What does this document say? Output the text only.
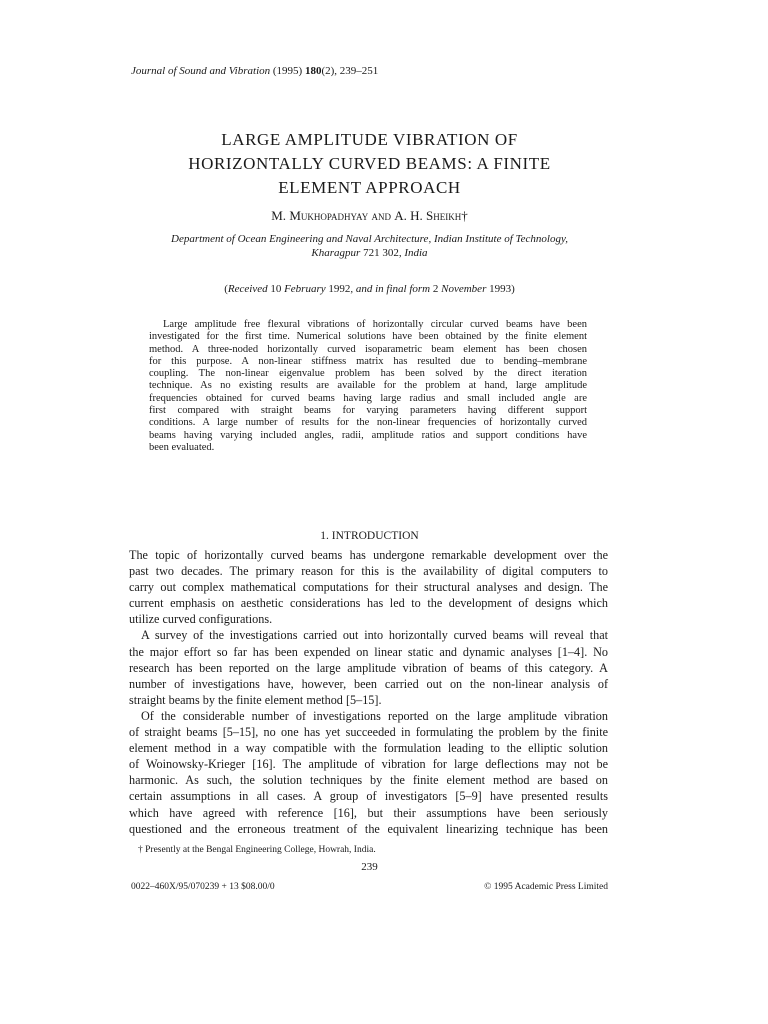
Journal of Sound and Vibration (1995) 180(2), 239–251
LARGE AMPLITUDE VIBRATION OF
HORIZONTALLY CURVED BEAMS: A FINITE
ELEMENT APPROACH
M. Mukhopadhyay and A. H. Sheikh†
Department of Ocean Engineering and Naval Architecture, Indian Institute of Technology,
Kharagpur 721 302, India
(Received 10 February 1992, and in final form 2 November 1993)
Large amplitude free flexural vibrations of horizontally circular curved beams have been
investigated for the first time. Numerical solutions have been obtained by the finite element
method. A three-noded horizontally curved isoparametric beam element has been chosen
for this purpose. A non-linear stiffness matrix has resulted due to bending–membrane
coupling. The non-linear eigenvalue problem has been solved by the direct iteration
technique. As no existing results are available for the problem at hand, large amplitude
frequencies obtained for curved beams having large radius and small included angle are
first compared with straight beams for varying parameters having different support
conditions. A large number of results for the non-linear frequencies of horizontally curved
beams having varying included angles, radii, amplitude ratios and support conditions have
been evaluated.
1. INTRODUCTION
The topic of horizontally curved beams has undergone remarkable development over the
past two decades. The primary reason for this is the availability of digital computers to
carry out complex mathematical computations for their structural analyses and design. The
current emphasis on aesthetic considerations has led to the development of designs which
utilize curved configurations.
A survey of the investigations carried out into horizontally curved beams will reveal that
the major effort so far has been expended on linear static and dynamic analyses [1–4]. No
research has been reported on the large amplitude vibration of beams of this category. A
number of investigations have, however, been carried out on the non-linear analysis of
straight beams by the finite element method [5–15].
Of the considerable number of investigations reported on the large amplitude vibration
of straight beams [5–15], no one has yet succeeded in formulating the problem by the finite
element method in a way compatible with the formulation leading to the elliptic solution
of Woinowsky-Krieger [16]. The amplitude of vibration for large deflections may not be
harmonic. As such, the solution techniques by the finite element method are based on
certain assumptions in all cases. A group of investigators [5–9] have presented results
which have agreed with reference [16], but their assumptions have been seriously
questioned and the erroneous treatment of the equivalent linearizing technique has been
† Presently at the Bengal Engineering College, Howrah, India.
239
0022–460X/95/070239 + 13 $08.00/0	© 1995 Academic Press Limited
